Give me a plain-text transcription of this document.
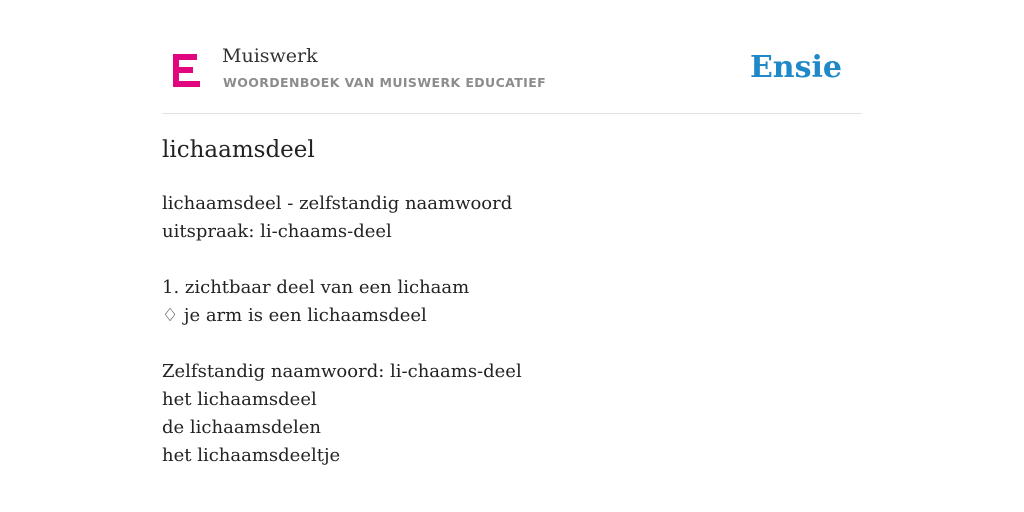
Muiswerk
WOORDENBOEK VAN MUISWERK EDUCATIEF	Ensie
lichaamsdeel
lichaamsdeel - zelfstandig naamwoord
uitspraak: li-chaams-deel
1. zichtbaar deel van een lichaam
♢ je arm is een lichaamsdeel
Zelfstandig naamwoord: li-chaams-deel
het lichaamsdeel
de lichaamsdelen
het lichaamsdeeltje
